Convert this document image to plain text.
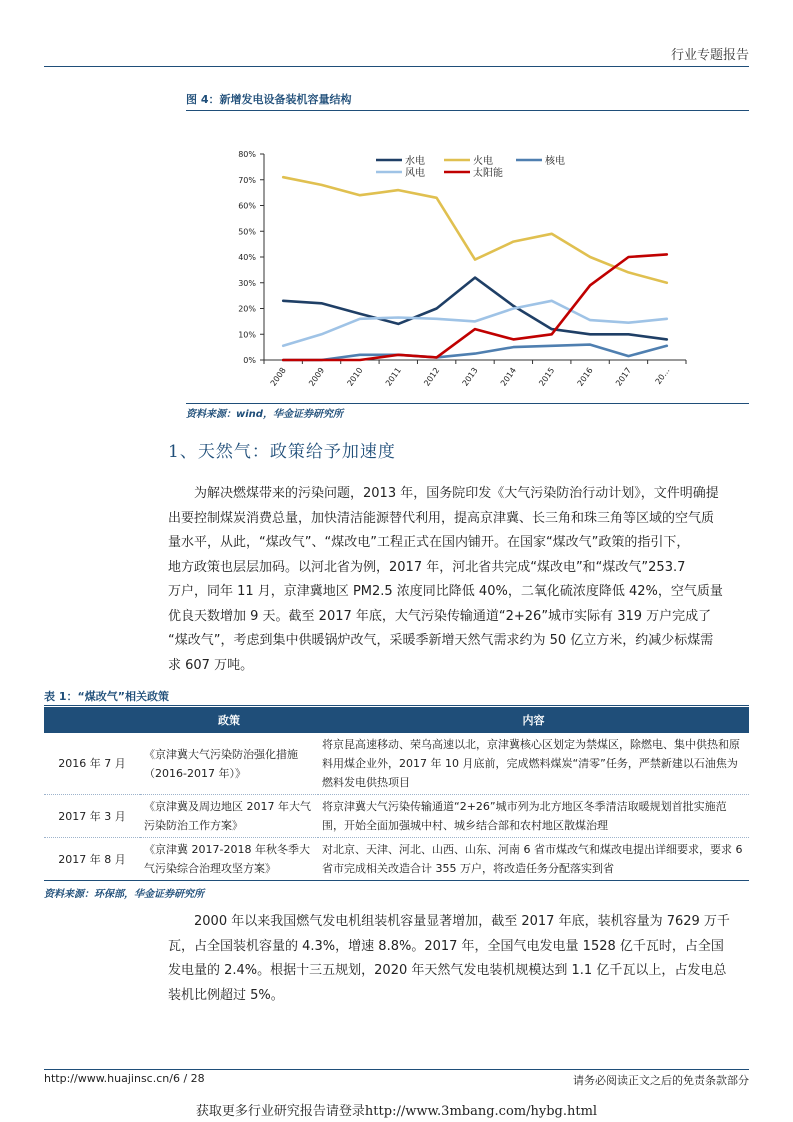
行业专题报告
图 4：新增发电设备装机容量结构
0%
10%
20%
30%
40%
50%
60%
70%
80%
2008 2009 2010 2011 2012 2013 2014 2015 2016 2017	20…
水电	火电	核电
风电	太阳能
资料来源：wind，华金证券研究所
1、天然气：政策给予加速度
为解决燃煤带来的污染问题，2013 年，国务院印发《大气污染防治行动计划》，文件明确提
出要控制煤炭消费总量，加快清洁能源替代利用，提高京津冀、长三角和珠三角等区域的空气质
量水平，从此，“煤改气”、“煤改电”工程正式在国内铺开。在国家“煤改气”政策的指引下，
地方政策也层层加码。以河北省为例，2017 年，河北省共完成“煤改电”和“煤改气”253.7
万户，同年 11 月，京津冀地区 PM2.5 浓度同比降低 40%，二氧化硫浓度降低 42%，空气质量
优良天数增加 9 天。截至 2017 年底，大气污染传输通道“2+26”城市实际有 319 万户完成了
“煤改气”，考虑到集中供暖锅炉改气，采暖季新增天然气需求约为 50 亿立方米，约减少标煤需
求 607 万吨。
表 1：“煤改气”相关政策
	政策	内容
2016 年 7 月	《京津冀大气污染防治强化措施（2016-2017 年）》	将京昆高速移动、荣乌高速以北，京津冀核心区划定为禁煤区，除燃电、集中供热和原料用煤企业外，2017 年 10 月底前，完成燃料煤炭“清零”任务，严禁新建以石油焦为燃料发电供热项目
2017 年 3 月	《京津冀及周边地区 2017 年大气污染防治工作方案》	将京津冀大气污染传输通道“2+26”城市列为北方地区冬季清洁取暖规划首批实施范围，开始全面加强城中村、城乡结合部和农村地区散煤治理
2017 年 8 月	《京津冀 2017-2018 年秋冬季大气污染综合治理攻坚方案》	对北京、天津、河北、山西、山东、河南 6 省市煤改气和煤改电提出详细要求，要求 6 省市完成相关改造合计 355 万户，将改造任务分配落实到省
资料来源：环保部，华金证券研究所
2000 年以来我国燃气发电机组装机容量显著增加，截至 2017 年底，装机容量为 7629 万千
瓦，占全国装机容量的 4.3%，增速 8.8%。2017 年，全国气电发电量 1528 亿千瓦时，占全国
发电量的 2.4%。根据十三五规划，2020 年天然气发电装机规模达到 1.1 亿千瓦以上，占发电总
装机比例超过 5%。
http://www.huajinsc.cn/6 / 28	请务必阅读正文之后的免责条款部分
获取更多行业研究报告请登录http://www.3mbang.com/hybg.html
